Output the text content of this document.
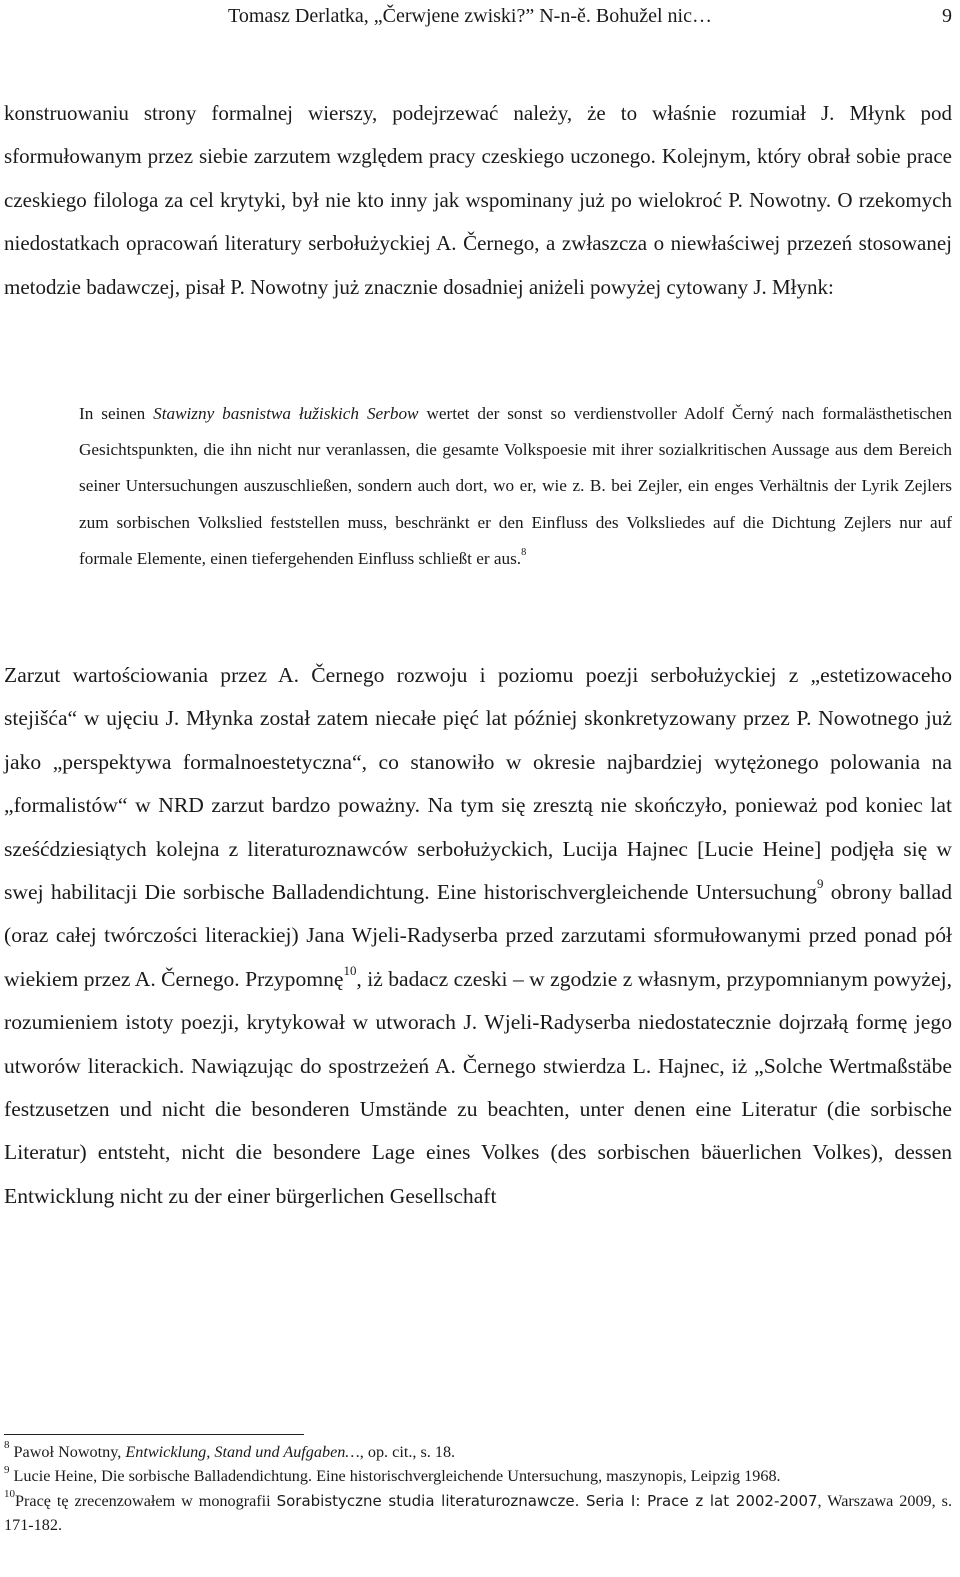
Tomasz Derlatka, „Čerwjene zwiski?” N-n-ě. Bohužel nic…	9

konstruowaniu strony formalnej wierszy, podejrzewać należy, że to właśnie rozumiał J. Młynk pod sformułowanym przez siebie zarzutem względem pracy czeskiego uczonego. Kolejnym, który obrał sobie prace czeskiego filologa za cel krytyki, był nie kto inny jak wspominany już po wielokroć P. Nowotny. O rzekomych niedostatkach opracowań literatury serbołużyckiej A. Černego, a zwłaszcza o niewłaściwej przezeń stosowanej metodzie badawczej, pisał P. Nowotny już znacznie dosadniej aniżeli powyżej cytowany J. Młynk:

In seinen Stawizny basnistwa łužiskich Serbow wertet der sonst so verdienstvoller Adolf Černý nach formalästhetischen Gesichtspunkten, die ihn nicht nur veranlassen, die gesamte Volkspoesie mit ihrer sozialkritischen Aussage aus dem Bereich seiner Untersuchungen auszuschließen, sondern auch dort, wo er, wie z. B. bei Zejler, ein enges Verhältnis der Lyrik Zejlers zum sorbischen Volkslied feststellen muss, beschränkt er den Einfluss des Volksliedes auf die Dichtung Zejlers nur auf formale Elemente, einen tiefergehenden Einfluss schließt er aus.$^8$

Zarzut wartościowania przez A. Černego rozwoju i poziomu poezji serbołużyckiej z „estetizowaceho stejišća“ w ujęciu J. Młynka został zatem niecałe pięć lat później skonkretyzowany przez P. Nowotnego już jako „perspektywa formalnoestetyczna“, co stanowiło w okresie najbardziej wytężonego polowania na „formalistów“ w NRD zarzut bardzo poważny. Na tym się zresztą nie skończyło, ponieważ pod koniec lat sześćdziesiątych kolejna z literaturoznawców serbołużyckich, Lucija Hajnec [Lucie Heine] podjęła się w swej habilitacji Die sorbische Balladendichtung. Eine historischvergleichende Untersuchung$^9$ obrony ballad (oraz całej twórczości literackiej) Jana Wjeli-Radyserba przed zarzutami sformułowanymi przed ponad pół wiekiem przez A. Černego. Przypomnę$^{10}$, iż badacz czeski – w zgodzie z własnym, przypomnianym powyżej, rozumieniem istoty poezji, krytykował w utworach J. Wjeli-Radyserba niedostatecznie dojrzałą formę jego utworów literackich. Nawiązując do spostrzeżeń A. Černego stwierdza L. Hajnec, iż „Solche Wertmaßstäbe festzusetzen und nicht die besonderen Umstände zu beachten, unter denen eine Literatur (die sorbische Literatur) entsteht, nicht die besondere Lage eines Volkes (des sorbischen bäuerlichen Volkes), dessen Entwicklung nicht zu der einer bürgerlichen Gesellschaft

$^8$ Pawoł Nowotny, Entwicklung, Stand und Aufgaben…, op. cit., s. 18.

$^9$ Lucie Heine, Die sorbische Balladendichtung. Eine historischvergleichende Untersuchung, maszynopis, Leipzig 1968.

$^{10}$Pracę tę zrecenzowałem w monografii Sorabistyczne studia literaturoznawcze. Seria I: Prace z lat 2002-2007, Warszawa 2009, s. 171-182.
